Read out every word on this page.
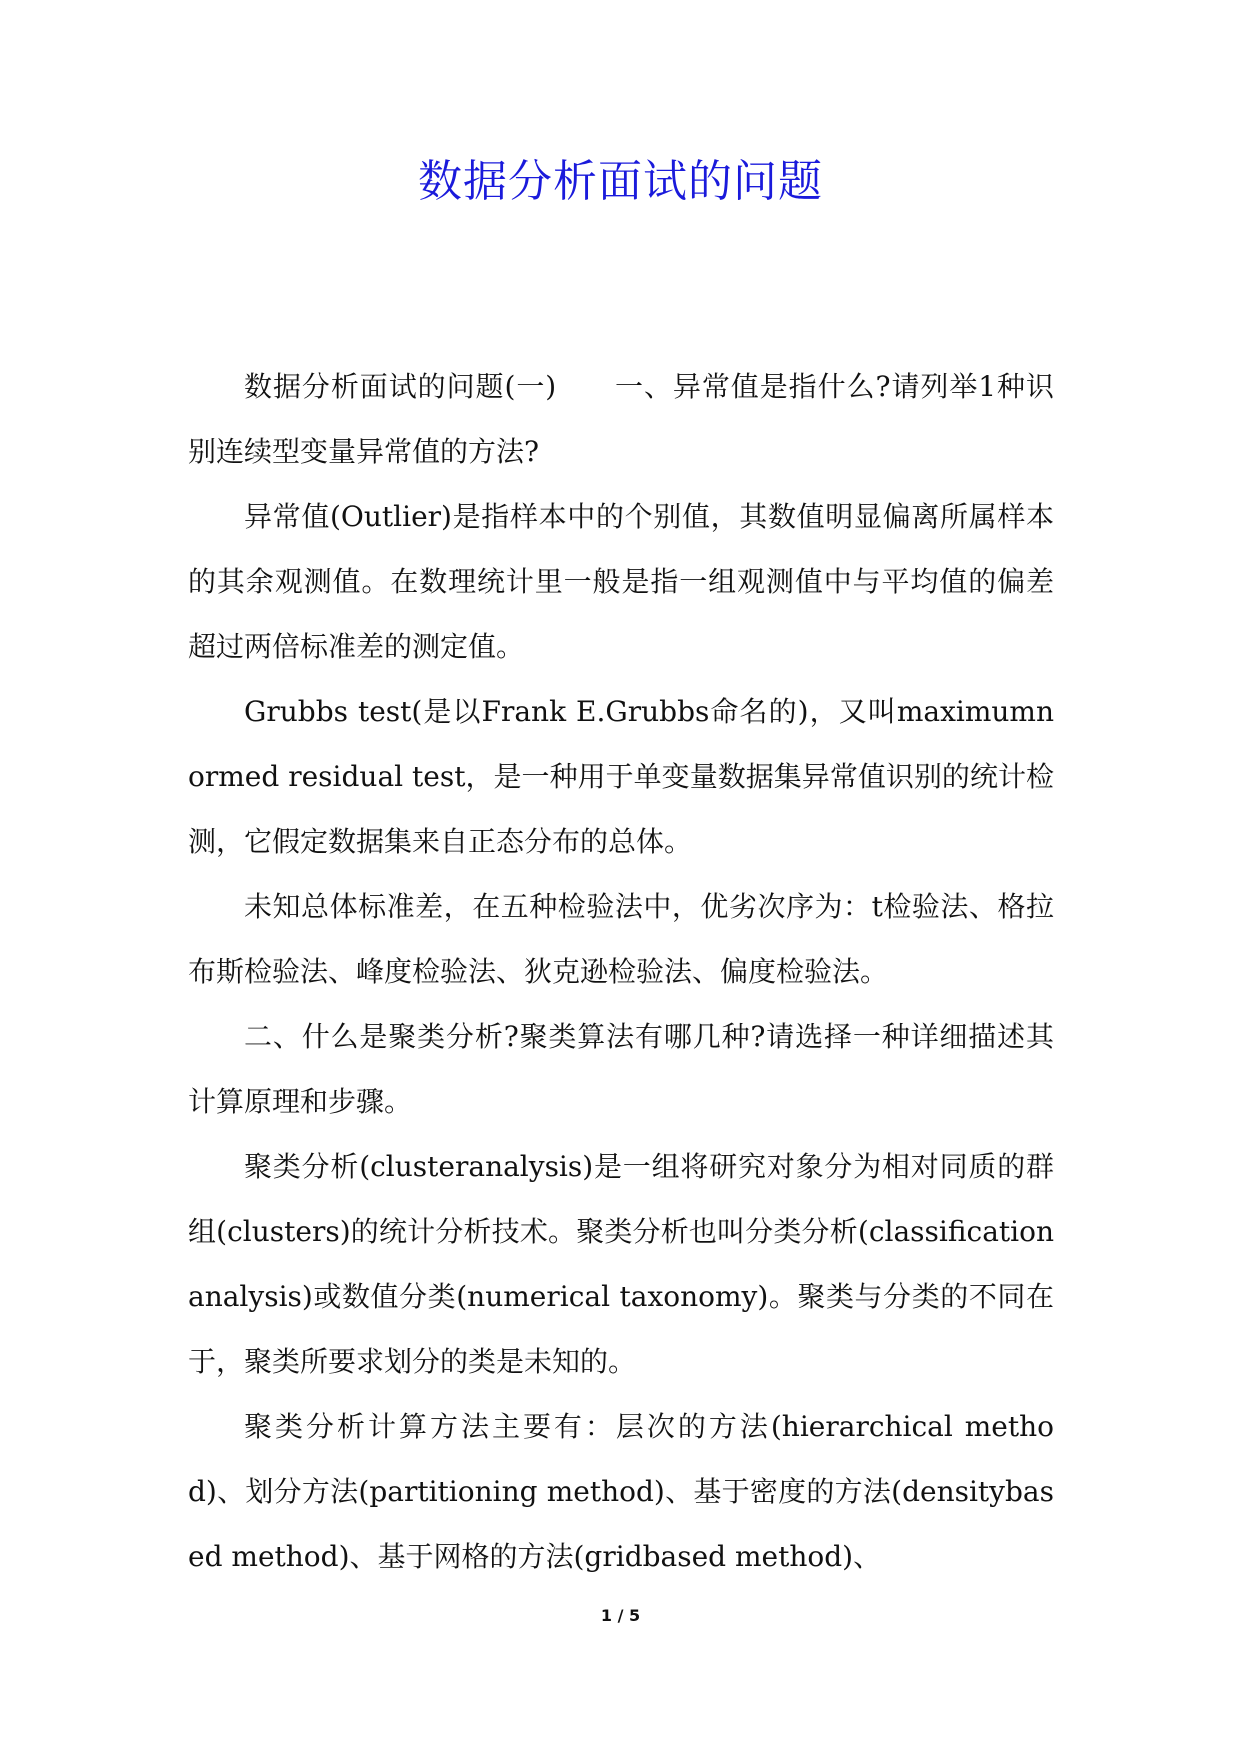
数据分析面试的问题

数据分析面试的问题(一)　　一、异常值是指什么?请列举1种识别连续型变量异常值的方法?

异常值(Outlier)是指样本中的个别值，其数值明显偏离所属样本的其余观测值。在数理统计里一般是指一组观测值中与平均值的偏差超过两倍标准差的测定值。

Grubbs test(是以Frank E.Grubbs命名的)，又叫maximumnormed residual test，是一种用于单变量数据集异常值识别的统计检测，它假定数据集来自正态分布的总体。

未知总体标准差，在五种检验法中，优劣次序为：t检验法、格拉布斯检验法、峰度检验法、狄克逊检验法、偏度检验法。

二、什么是聚类分析?聚类算法有哪几种?请选择一种详细描述其计算原理和步骤。

聚类分析(clusteranalysis)是一组将研究对象分为相对同质的群组(clusters)的统计分析技术。聚类分析也叫分类分析(classification analysis)或数值分类(numerical taxonomy)。聚类与分类的不同在于，聚类所要求划分的类是未知的。

聚类分析计算方法主要有：层次的方法(hierarchical method)、划分方法(partitioning method)、基于密度的方法(densitybased method)、基于网格的方法(gridbased method)、

1 / 5
